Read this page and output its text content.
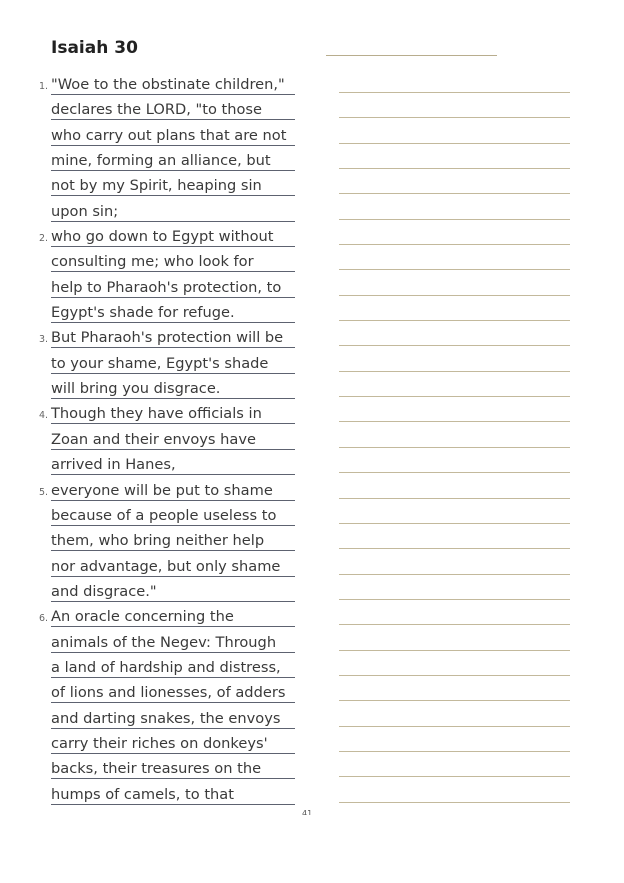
Isaiah 30
1. "Woe to the obstinate children,"
declares the LORD, "to those
who carry out plans that are not
mine, forming an alliance, but
not by my Spirit, heaping sin
upon sin;
2. who go down to Egypt without
consulting me; who look for
help to Pharaoh's protection, to
Egypt's shade for refuge.
3. But Pharaoh's protection will be
to your shame, Egypt's shade
will bring you disgrace.
4. Though they have officials in
Zoan and their envoys have
arrived in Hanes,
5. everyone will be put to shame
because of a people useless to
them, who bring neither help
nor advantage, but only shame
and disgrace."
6. An oracle concerning the
animals of the Negev: Through
a land of hardship and distress,
of lions and lionesses, of adders
and darting snakes, the envoys
carry their riches on donkeys'
backs, their treasures on the
humps of camels, to that
41
